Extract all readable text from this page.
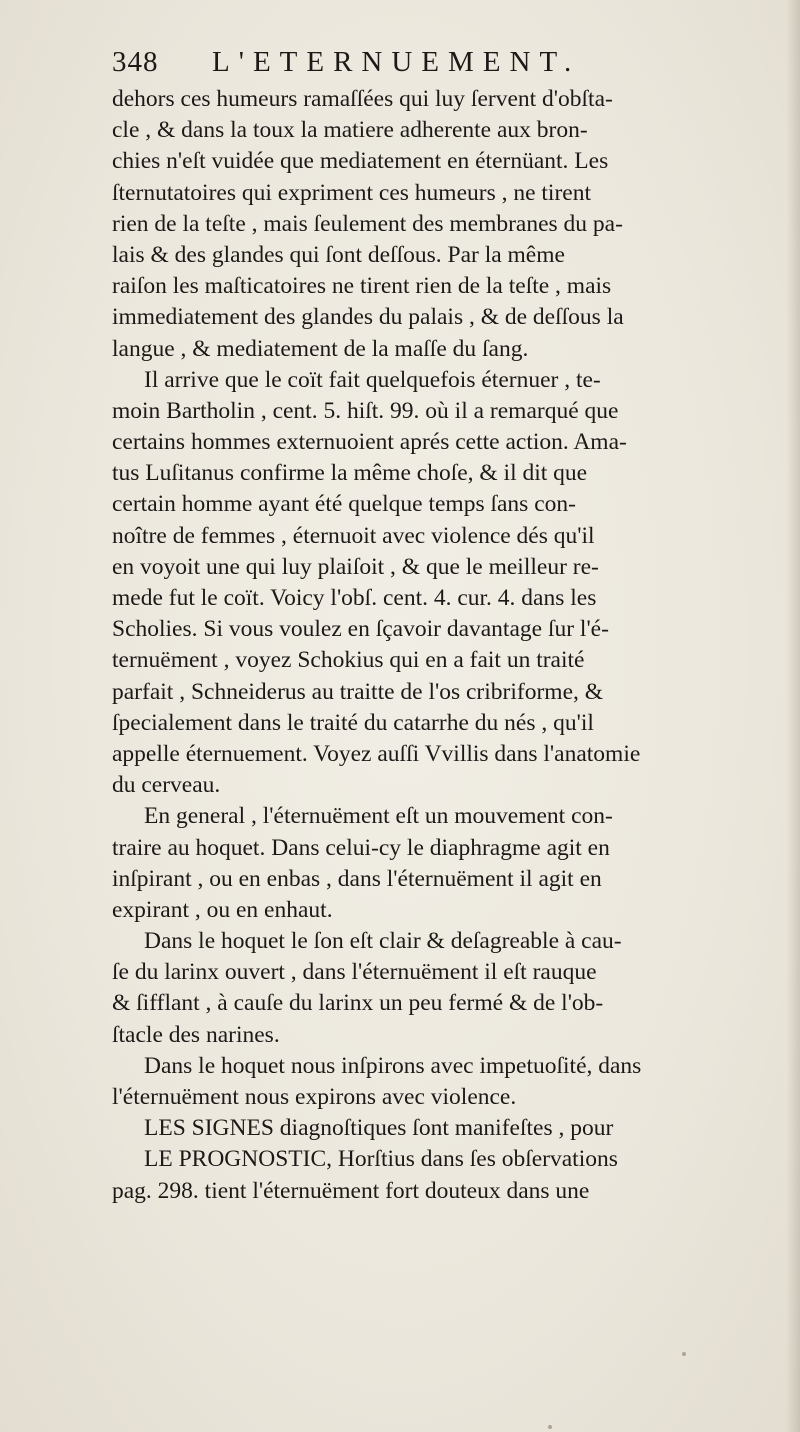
348 L'ETERNUEMENT.
dehors ces humeurs ramaſſées qui luy ſervent d'obſta-
cle , & dans la toux la matiere adherente aux bron-
chies n'eſt vuidée que mediatement en éternüant. Les
ſternutatoires qui expriment ces humeurs , ne tirent
rien de la teſte , mais ſeulement des membranes du pa-
lais & des glandes qui ſont deſſous. Par la même
raiſon les maſticatoires ne tirent rien de la teſte , mais
immediatement des glandes du palais , & de deſſous la
langue , & mediatement de la maſſe du ſang.
Il arrive que le coït fait quelquefois éternuer , te-
moin Bartholin , cent. 5. hiſt. 99. où il a remarqué que
certains hommes externuoient aprés cette action. Ama-
tus Luſitanus confirme la même choſe, & il dit que
certain homme ayant été quelque temps ſans con-
noître de femmes , éternuoit avec violence dés qu'il
en voyoit une qui luy plaiſoit , & que le meilleur re-
mede fut le coït. Voicy l'obſ. cent. 4. cur. 4. dans les
Scholies. Si vous voulez en ſçavoir davantage ſur l'é-
ternuëment , voyez Schokius qui en a fait un traité
parfait , Schneiderus au traitte de l'os cribriforme, &
ſpecialement dans le traité du catarrhe du nés , qu'il
appelle éternuement. Voyez auſſi Vvillis dans l'anatomie
du cerveau.
En general , l'éternuëment eſt un mouvement con-
traire au hoquet. Dans celui-cy le diaphragme agit en
inſpirant , ou en enbas , dans l'éternuëment il agit en
expirant , ou en enhaut.
Dans le hoquet le ſon eſt clair & deſagreable à cau-
ſe du larinx ouvert , dans l'éternuëment il eſt rauque
& ſifflant , à cauſe du larinx un peu fermé & de l'ob-
ſtacle des narines.
Dans le hoquet nous inſpirons avec impetuoſité, dans
l'éternuëment nous expirons avec violence.
LES SIGNES diagnoſtiques ſont manifeſtes , pour
LE PROGNOSTIC, Horſtius dans ſes obſervations
pag. 298. tient l'éternuëment fort douteux dans une
